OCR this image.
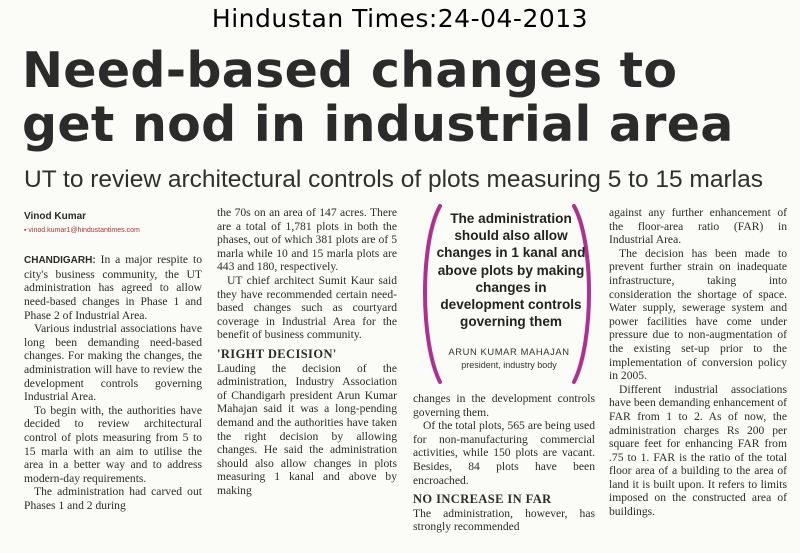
Hindustan Times:24-04-2013
Need-based changes to
get nod in industrial area
UT to review architectural controls of plots measuring 5 to 15 marlas
Vinod Kumar
▪ vinod.kumar1@hindustantimes.com

CHANDIGARH: In a major respite to city's business community, the UT administration has agreed to allow need-based changes in Phase 1 and Phase 2 of Industrial Area.

Various industrial associations have long been demanding need-based changes. For making the changes, the administration will have to review the development controls governing Industrial Area.

To begin with, the authorities have decided to review architectural control of plots measuring from 5 to 15 marla with an aim to utilise the area in a better way and to address modern-day requirements.

The administration had carved out Phases 1 and 2 during

the 70s on an area of 147 acres. There are a total of 1,781 plots in both the phases, out of which 381 plots are of 5 marla while 10 and 15 marla plots are 443 and 180, respectively.

UT chief architect Sumit Kaur said they have recommended certain need-based changes such as courtyard coverage in Industrial Area for the benefit of business community.

'RIGHT DECISION'

Lauding the decision of the administration, Industry Association of Chandigarh president Arun Kumar Mahajan said it was a long-pending demand and the authorities have taken the right decision by allowing changes. He said the administration should also allow changes in plots measuring 1 kanal and above by making

The administration should also allow changes in 1 kanal and above plots by making changes in development controls governing them
ARUN KUMAR MAHAJAN
president, industry body

changes in the development controls governing them.

Of the total plots, 565 are being used for non-manufacturing commercial activities, while 150 plots are vacant. Besides, 84 plots have been encroached.

NO INCREASE IN FAR

The administration, however, has strongly recommended

against any further enhancement of the floor-area ratio (FAR) in Industrial Area.

The decision has been made to prevent further strain on inadequate infrastructure, taking into consideration the shortage of space. Water supply, sewerage system and power facilities have come under pressure due to non-augmentation of the existing set-up prior to the implementation of conversion policy in 2005.

Different industrial associations have been demanding enhancement of FAR from 1 to 2. As of now, the administration charges Rs 200 per square feet for enhancing FAR from .75 to 1. FAR is the ratio of the total floor area of a building to the area of land it is built upon. It refers to limits imposed on the constructed area of buildings.
